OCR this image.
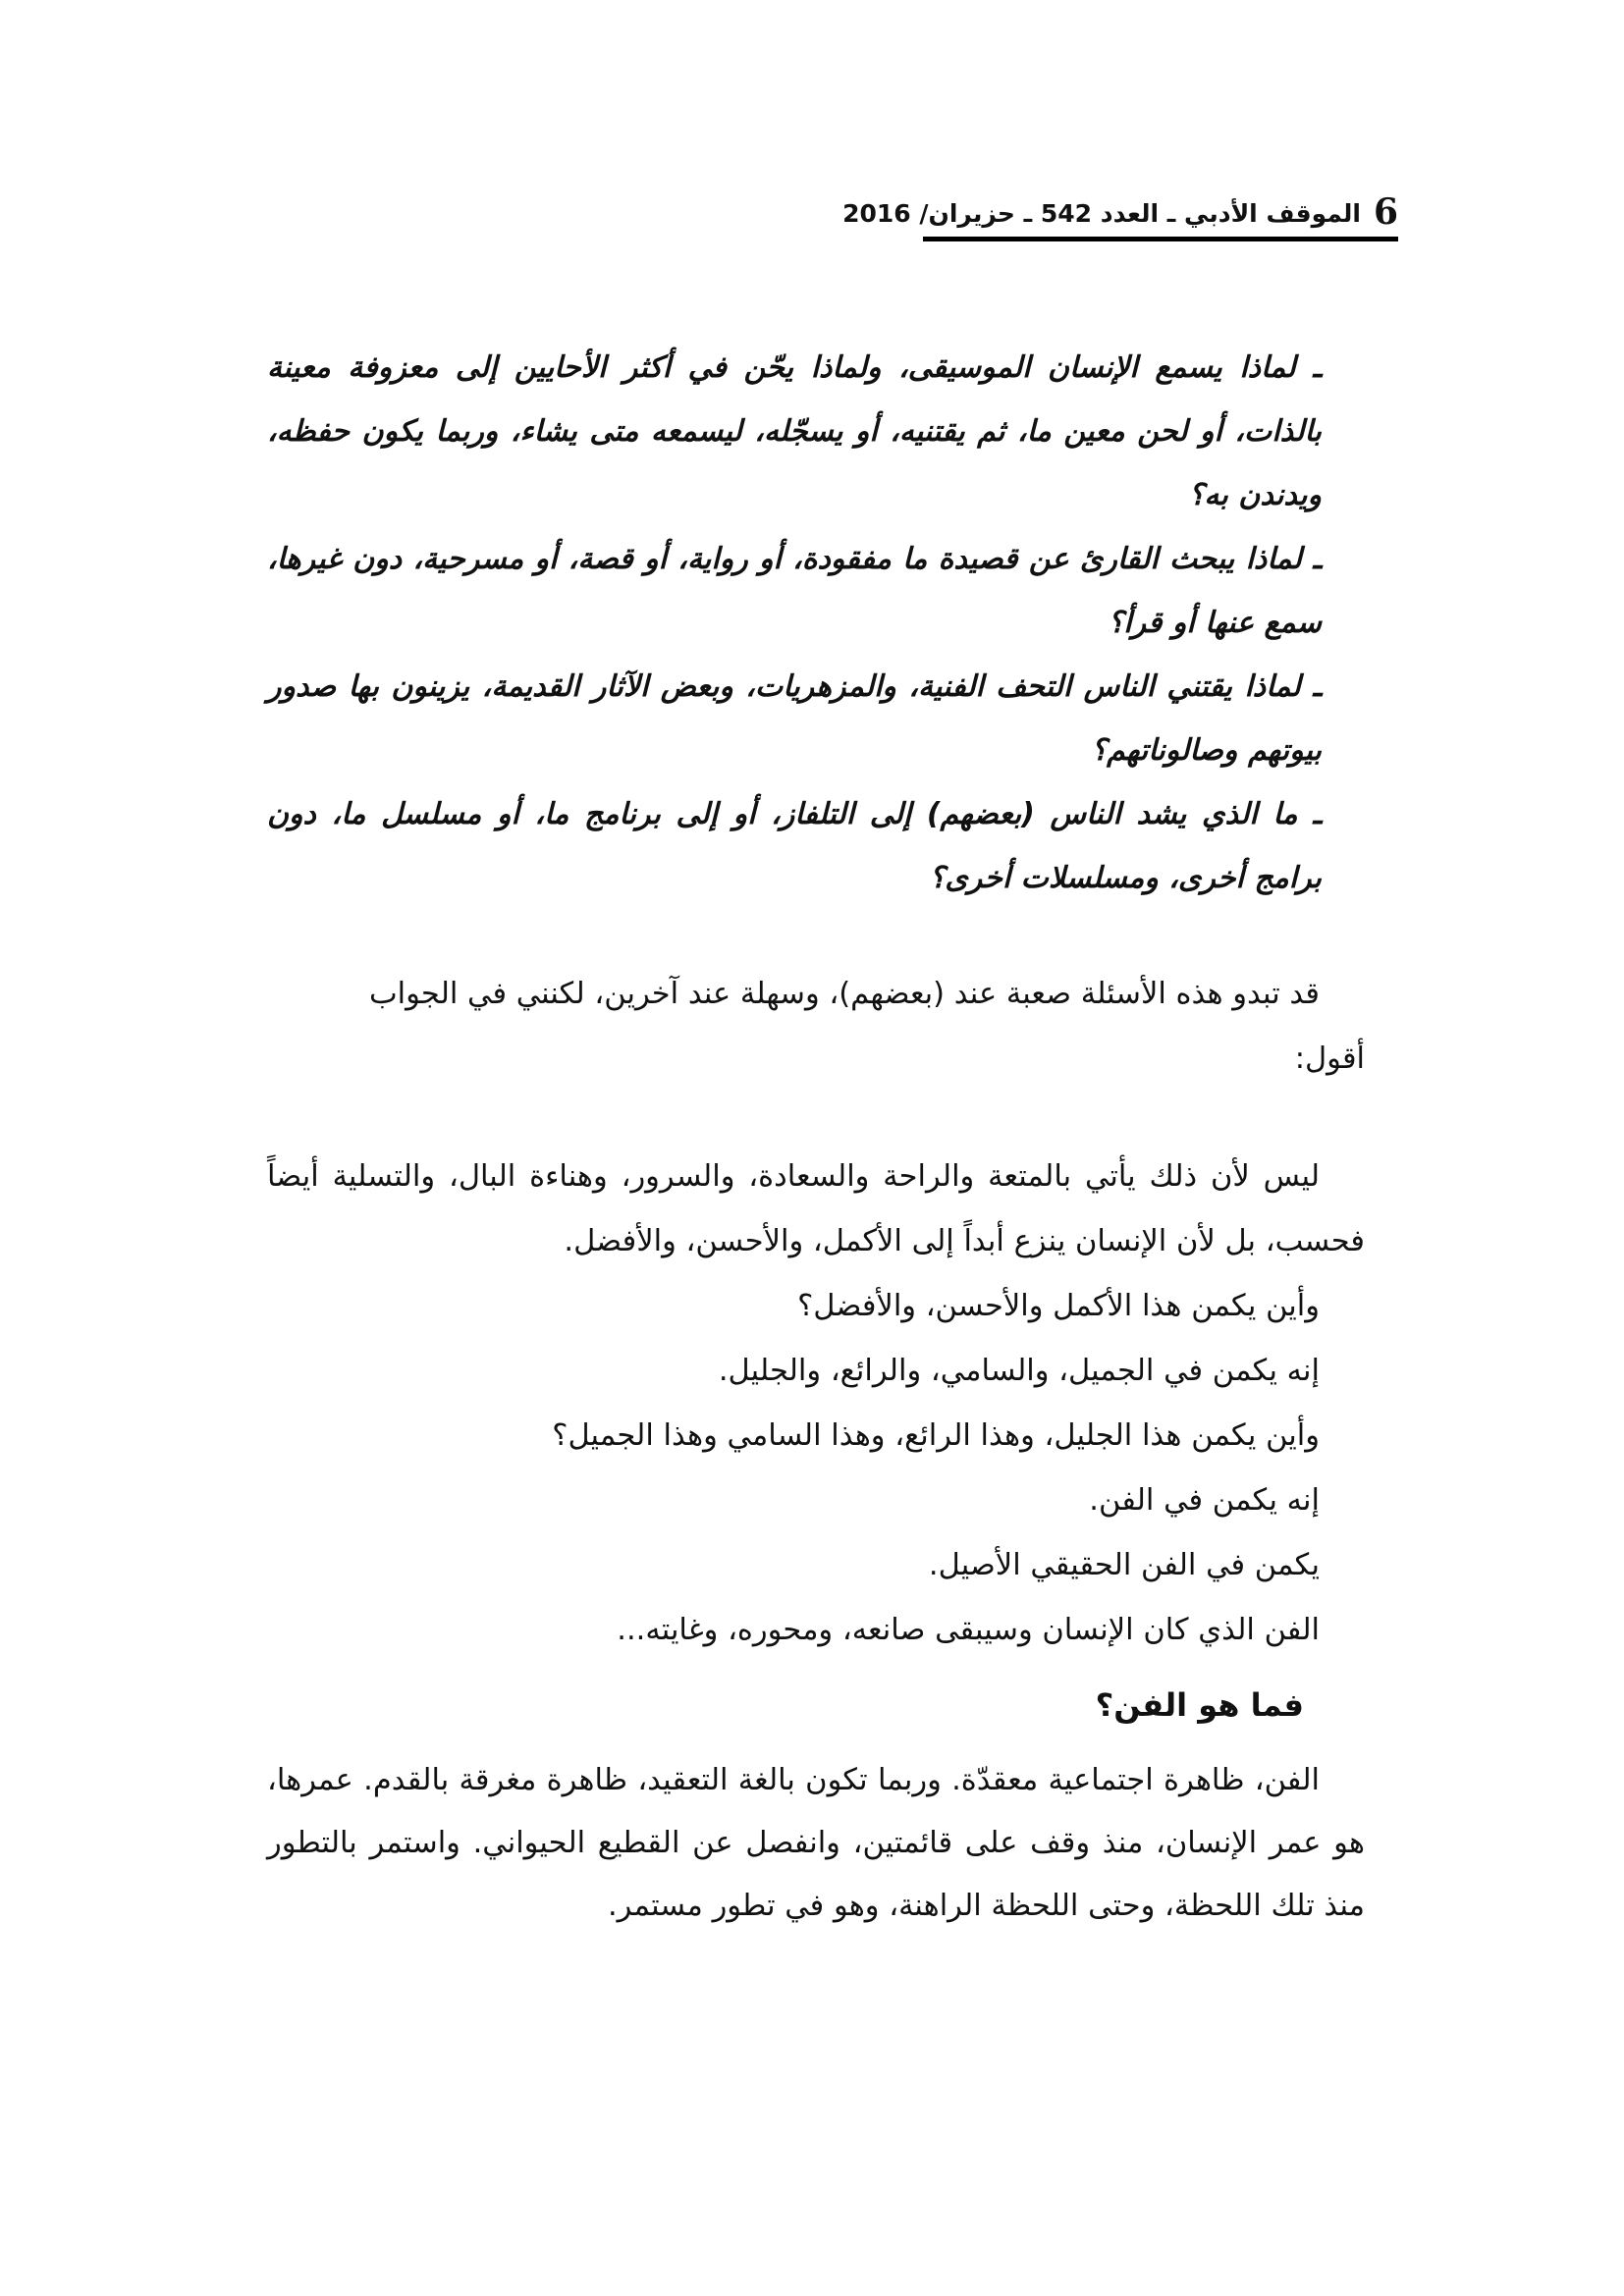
6
الموقف الأدبي ـ العدد 542 ـ حزيران/ 2016
ـ لماذا يسمع الإنسان الموسيقى، ولماذا يحّن في أكثر الأحايين إلى معزوفة معينة بالذات، أو لحن معين ما، ثم يقتنيه، أو يسجّله، ليسمعه متى يشاء، وربما يكون حفظه، ويدندن به؟
ـ لماذا يبحث القارئ عن قصيدة ما مفقودة، أو رواية، أو قصة، أو مسرحية، دون غيرها، سمع عنها أو قرأ؟
ـ لماذا يقتني الناس التحف الفنية، والمزهريات، وبعض الآثار القديمة، يزينون بها صدور بيوتهم وصالوناتهم؟
ـ ما الذي يشد الناس (بعضهم) إلى التلفاز، أو إلى برنامج ما، أو مسلسل ما، دون برامج أخرى، ومسلسلات أخرى؟

قد تبدو هذه الأسئلة صعبة عند (بعضهم)، وسهلة عند آخرين، لكنني في الجواب

أقول:

ليس لأن ذلك يأتي بالمتعة والراحة والسعادة، والسرور، وهناءة البال، والتسلية أيضاً

فحسب، بل لأن الإنسان ينزع أبداً إلى الأكمل، والأحسن، والأفضل.

وأين يكمن هذا الأكمل والأحسن، والأفضل؟

إنه يكمن في الجميل، والسامي، والرائع، والجليل.

وأين يكمن هذا الجليل، وهذا الرائع، وهذا السامي وهذا الجميل؟

إنه يكمن في الفن.

يكمن في الفن الحقيقي الأصيل.

الفن الذي كان الإنسان وسيبقى صانعه، ومحوره، وغايته...

فما هو الفن؟

الفن، ظاهرة اجتماعية معقدّة. وربما تكون بالغة التعقيد، ظاهرة مغرقة بالقدم. عمرها، هو عمر الإنسان، منذ وقف على قائمتين، وانفصل عن القطيع الحيواني. واستمر بالتطور منذ تلك اللحظة، وحتى اللحظة الراهنة، وهو في تطور مستمر.
